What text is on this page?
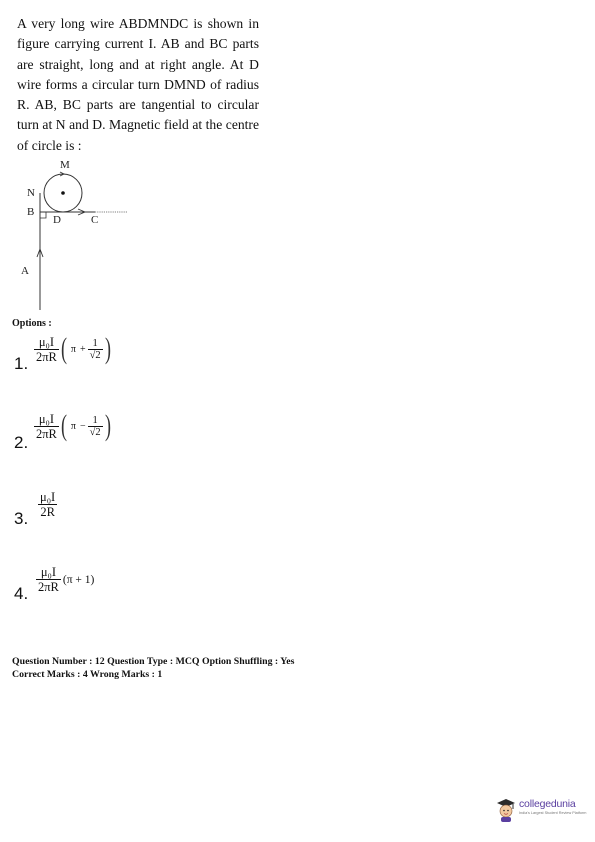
A very long wire ABDMNDC is shown in figure carrying current I. AB and BC parts are straight, long and at right angle. At D wire forms a circular turn DMND of radius R. AB, BC parts are tangential to circular turn at N and D. Magnetic field at the centre of circle is :
M
N
B
D	C
A
Options :
1. $\frac{\text{μ₀I}}{2\pi R}$ ( $\pi + \frac{1}{√2}$ )
2.
$\frac{\text{μ₀I}}{2\pi R}$ ( $\pi - \frac{1}{√2}$ )
3. $\frac{\text{μ₀I}}{2R}$
4. $\frac{\text{μ₀I}}{2\pi R} (\pi + 1)$
Question Number : 12 Question Type : MCQ Option Shuffling : Yes
Correct Marks : 4 Wrong Marks : 1
collegedunia
India's Largest Student Review Platform
